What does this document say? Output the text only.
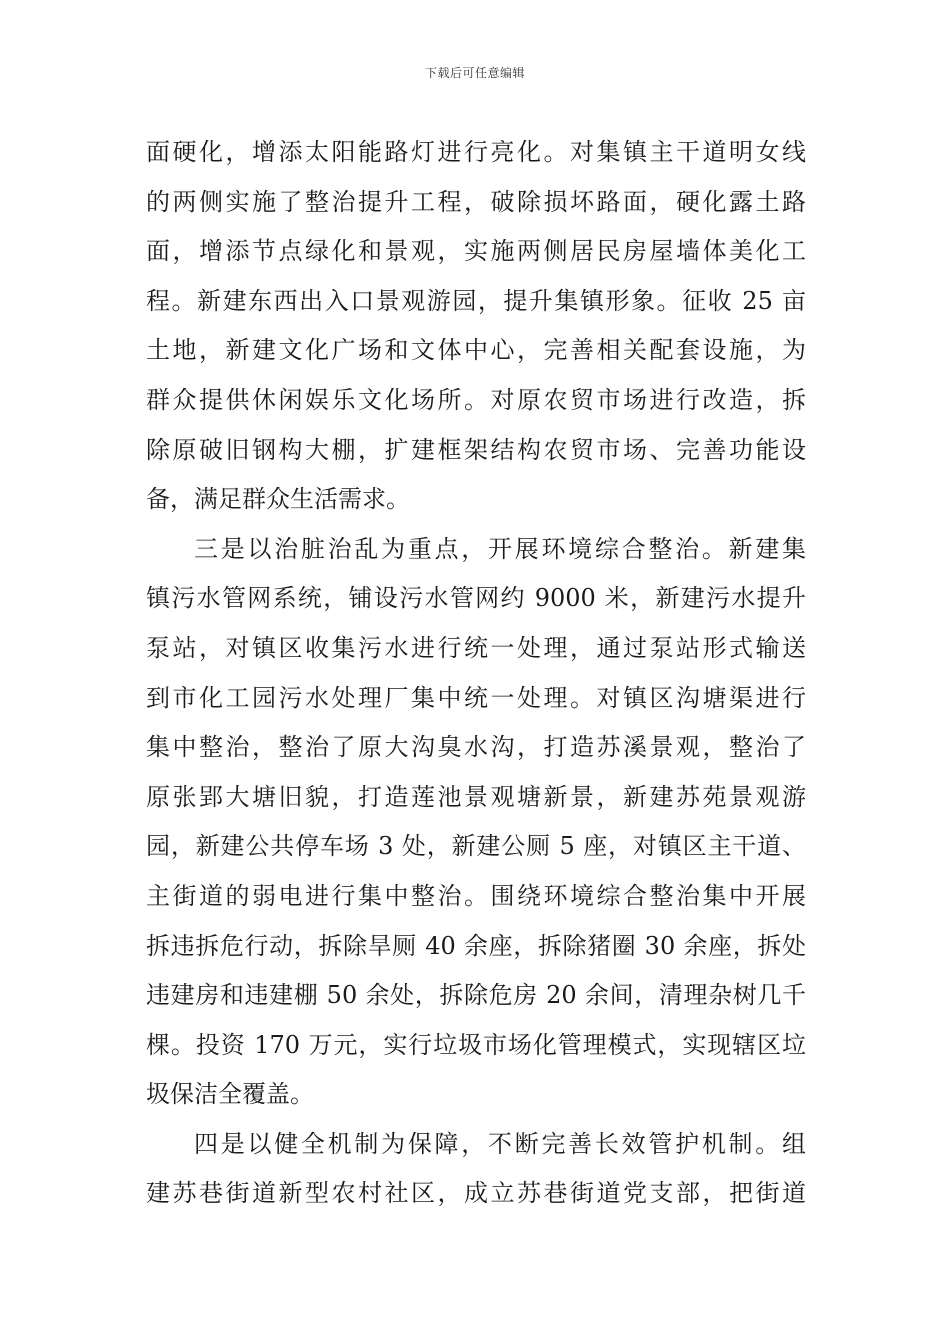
下载后可任意编辑
面硬化，增添太阳能路灯进行亮化。对集镇主干道明女线
的两侧实施了整治提升工程，破除损坏路面，硬化露土路
面，增添节点绿化和景观，实施两侧居民房屋墙体美化工
程。新建东西出入口景观游园，提升集镇形象。征收 25 亩
土地，新建文化广场和文体中心，完善相关配套设施，为
群众提供休闲娱乐文化场所。对原农贸市场进行改造，拆
除原破旧钢构大棚，扩建框架结构农贸市场、完善功能设
备，满足群众生活需求。
三是以治脏治乱为重点，开展环境综合整治。新建集
镇污水管网系统，铺设污水管网约 9000 米，新建污水提升
泵站，对镇区收集污水进行统一处理，通过泵站形式输送
到市化工园污水处理厂集中统一处理。对镇区沟塘渠进行
集中整治，整治了原大沟臭水沟，打造苏溪景观，整治了
原张郢大塘旧貌，打造莲池景观塘新景，新建苏苑景观游
园，新建公共停车场 3 处，新建公厕 5 座，对镇区主干道、
主街道的弱电进行集中整治。围绕环境综合整治集中开展
拆违拆危行动，拆除旱厕 40 余座，拆除猪圈 30 余座，拆处
违建房和违建棚 50 余处，拆除危房 20 余间，清理杂树几千
棵。投资 170 万元，实行垃圾市场化管理模式，实现辖区垃
圾保洁全覆盖。
四是以健全机制为保障，不断完善长效管护机制。组
建苏巷街道新型农村社区，成立苏巷街道党支部，把街道
